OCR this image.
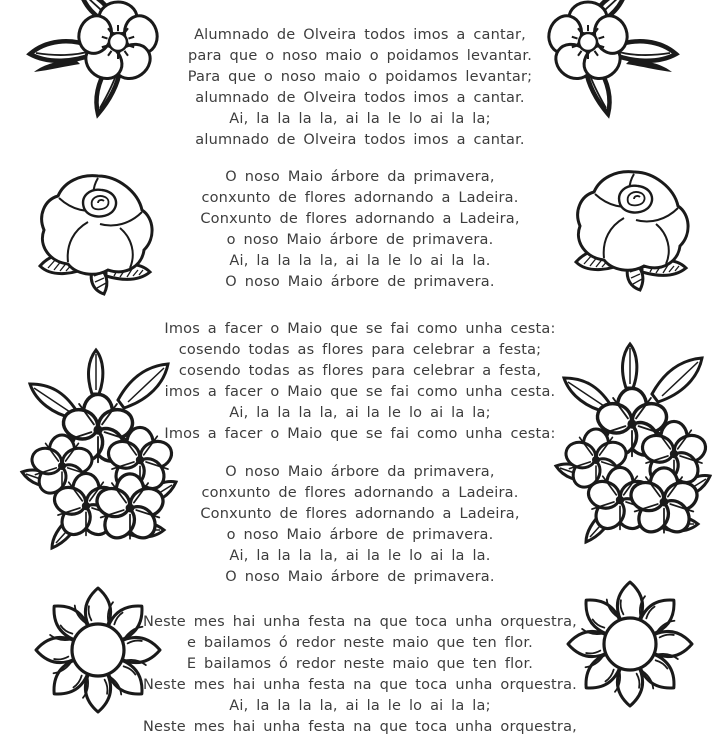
Alumnado de Olveira todos imos a cantar,
para que o noso maio o poidamos levantar.
Para que o noso maio o poidamos levantar;
alumnado de Olveira todos imos a cantar.
Ai, la la la la, ai la le lo ai la la;
alumnado de Olveira todos imos a cantar.
O noso Maio árbore da primavera,
conxunto de flores adornando a Ladeira.
Conxunto de flores adornando a Ladeira,
o noso Maio árbore de primavera.
Ai, la la la la, ai la le lo ai la la.
O noso Maio árbore de primavera.
Imos a facer o Maio que se fai como unha cesta:
cosendo todas as flores para celebrar a festa;
cosendo todas as flores para celebrar a festa,
imos a facer o Maio que se fai como unha cesta.
Ai, la la la la, ai la le lo ai la la;
Imos a facer o Maio que se fai como unha cesta:
O noso Maio árbore da primavera,
conxunto de flores adornando a Ladeira.
Conxunto de flores adornando a Ladeira,
o noso Maio árbore de primavera.
Ai, la la la la, ai la le lo ai la la.
O noso Maio árbore de primavera.
Neste mes hai unha festa na que toca unha orquestra,
e bailamos ó redor neste maio que ten flor.
E bailamos ó redor neste maio que ten flor.
Neste mes hai unha festa na que toca unha orquestra.
Ai, la la la la, ai la le lo ai la la;
Neste mes hai unha festa na que toca unha orquestra,
